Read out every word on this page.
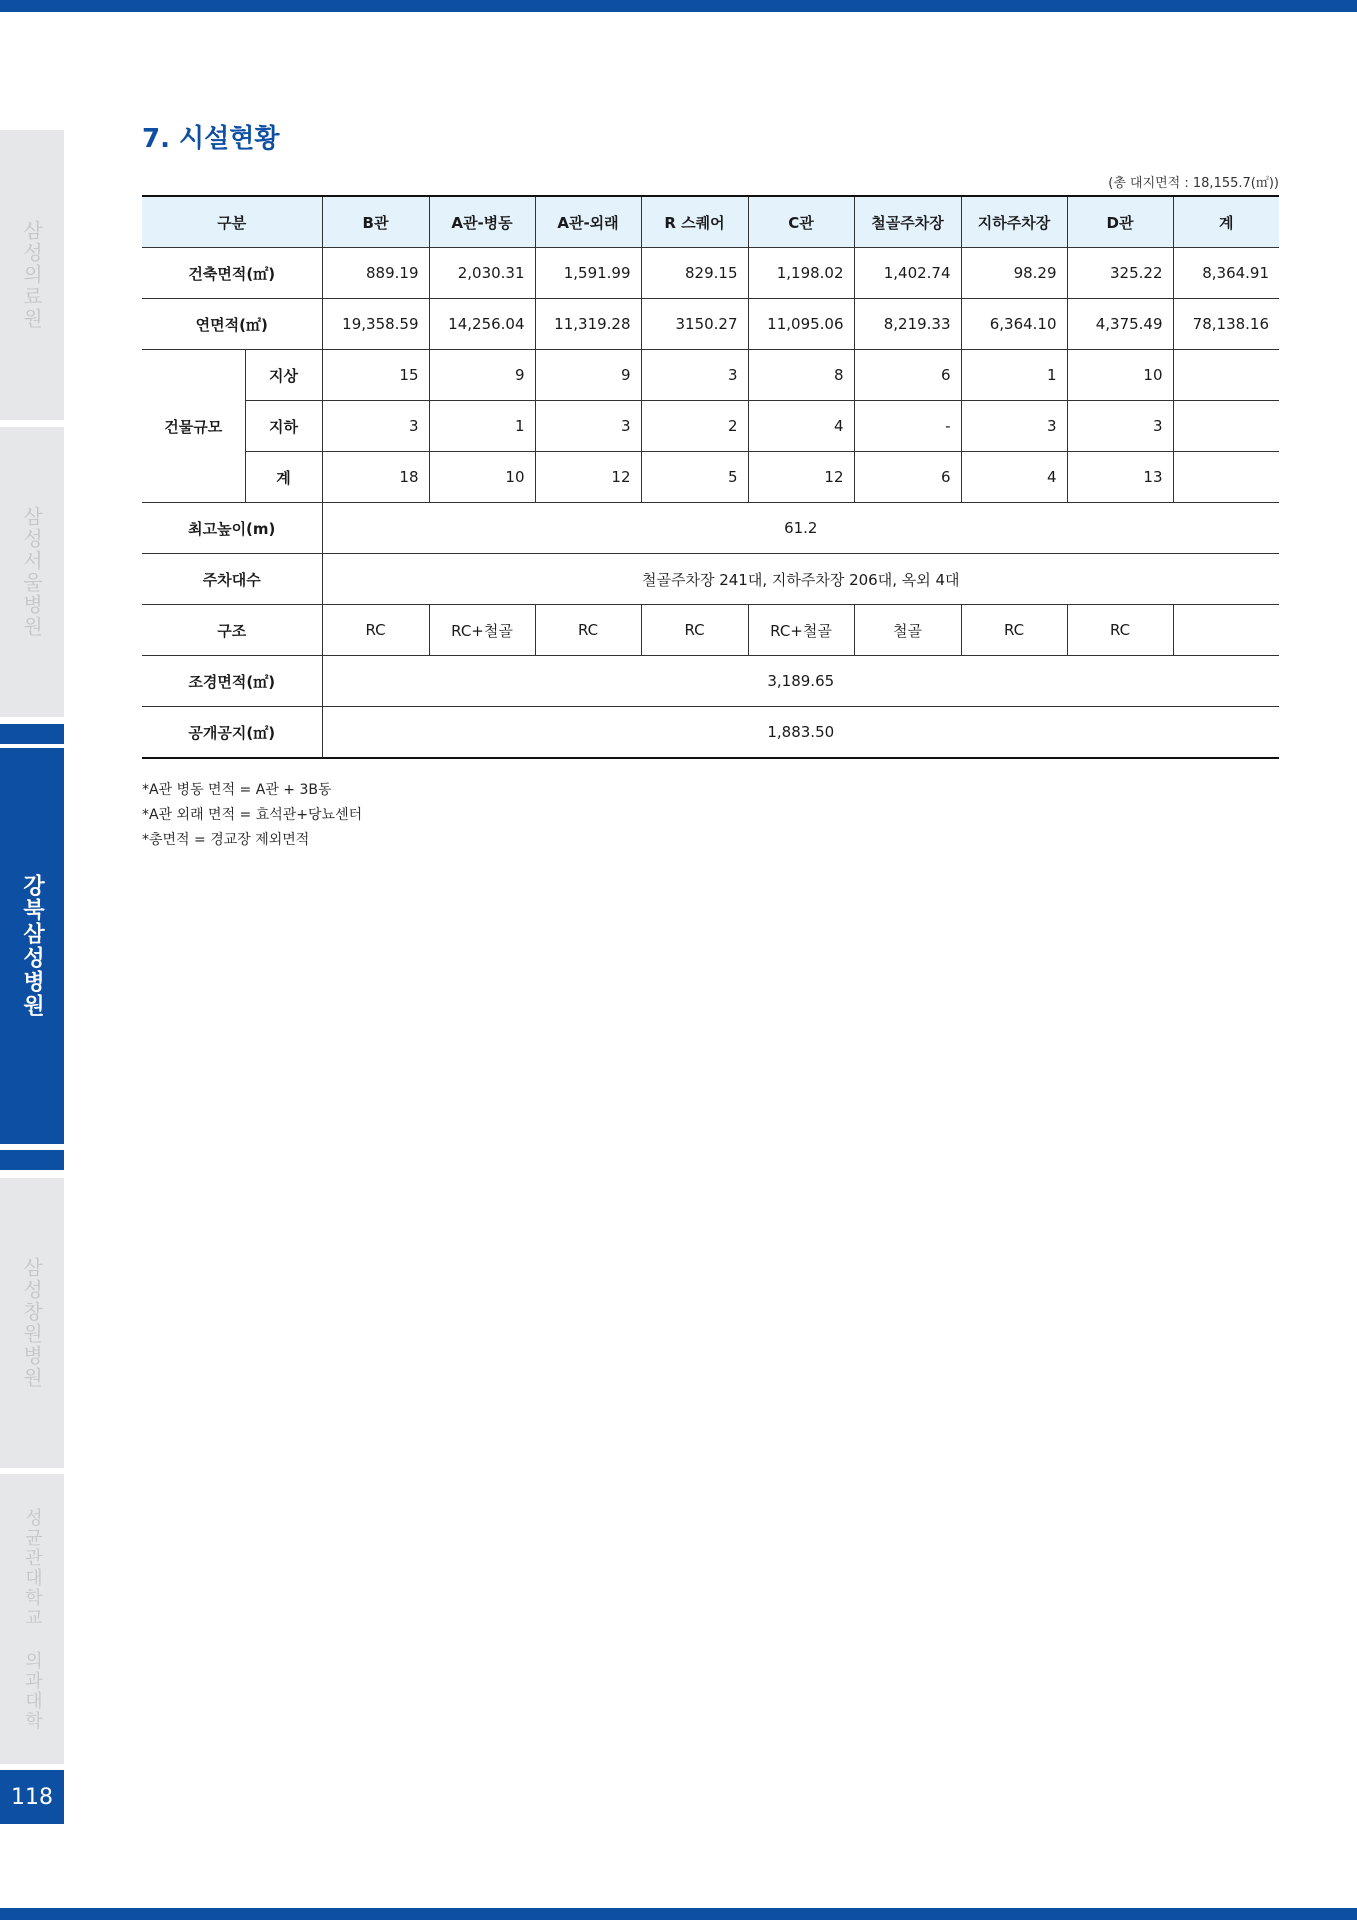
삼성의료원
삼성서울병원
강북삼성병원
삼성창원병원
성균관대학교 의과대학
118
7. 시설현황
(총 대지면적 : 18,155.7(㎡))
구분		B관	A관-병동	A관-외래	R 스퀘어	C관	철골주차장	지하주차장	D관	계
건축면적(㎡)		889.19	2,030.31	1,591.99	829.15	1,198.02	1,402.74	98.29	325.22	8,364.91
연면적(㎡)		19,358.59	14,256.04	11,319.28	3150.27	11,095.06	8,219.33	6,364.10	4,375.49	78,138.16
건물규모	지상	15	9	9	3	8	6	1	10	
	지하	3	1	3	2	4	-	3	3	
	계	18	10	12	5	12	6	4	13	
최고높이(m)		61.2								
주차대수		철골주차장 241대, 지하주차장 206대, 옥외 4대								
구조		RC	RC+철골	RC	RC	RC+철골	철골	RC	RC	
조경면적(㎡)		3,189.65								
공개공지(㎡)		1,883.50								
*A관 병동 면적 = A관 + 3B동
*A관 외래 면적 = 효석관+당뇨센터
*총면적 = 경교장 제외면적
